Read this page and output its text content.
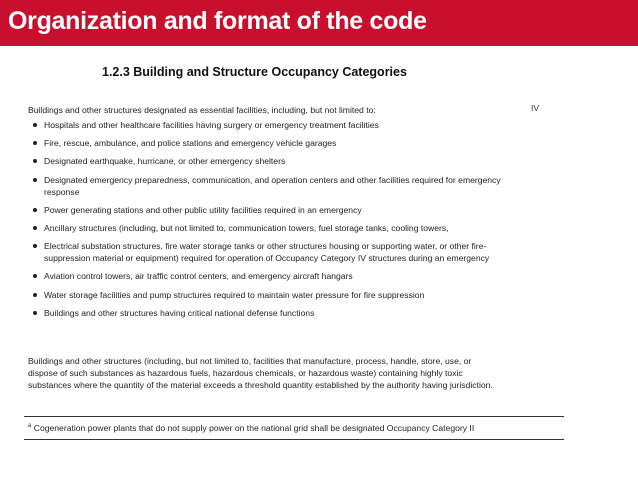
Organization and format of the code
1.2.3 Building and Structure Occupancy Categories
Buildings and other structures designated as essential facilities, including, but not limited to:	IV
Hospitals and other healthcare facilities having surgery or emergency treatment facilities
Fire, rescue, ambulance, and police stations and emergency vehicle garages
Designated earthquake, hurricane, or other emergency shelters
Designated emergency preparedness, communication, and operation centers and other facilities required for emergency response
Power generating stations and other public utility facilities required in an emergency
Ancillary structures (including, but not limited to, communication towers, fuel storage tanks, cooling towers,
Electrical substation structures, fire water storage tanks or other structures housing or supporting water, or other fire-suppression material or equipment) required for operation of Occupancy Category IV structures during an emergency
Aviation control towers, air traffic control centers, and emergency aircraft hangars
Water storage facilities and pump structures required to maintain water pressure for fire suppression
Buildings and other structures having critical national defense functions
Buildings and other structures (including, but not limited to, facilities that manufacture, process, handle, store, use, or dispose of such substances as hazardous fuels, hazardous chemicals, or hazardous waste) containing highly toxic substances where the quantity of the material exceeds a threshold quantity established by the authority having jurisdiction.
$^a$ Cogeneration power plants that do not supply power on the national grid shall be designated Occupancy Category II
